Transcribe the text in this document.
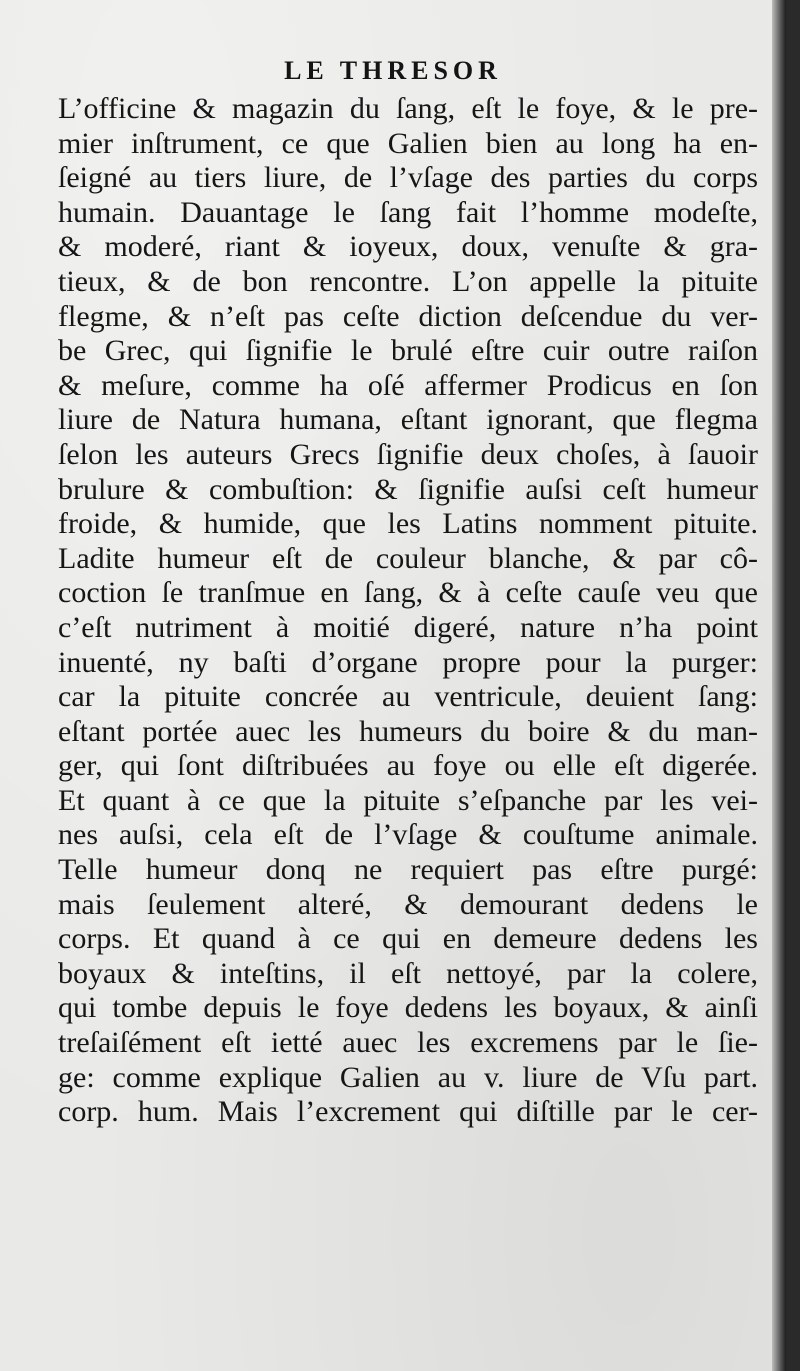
LE THRESOR
L’officine & magazin du ſang, eſt le foye, & le pre-
mier inſtrument, ce que Galien bien au long ha en-
ſeigné au tiers liure, de l’vſage des parties du corps
humain. Dauantage le ſang fait l’homme modeſte,
& moderé, riant & ioyeux, doux, venuſte & gra-
tieux, & de bon rencontre. L’on appelle la pituite
flegme, & n’eſt pas ceſte diction deſcendue du ver-
be Grec, qui ſignifie le brulé eſtre cuir outre raiſon
& meſure, comme ha oſé affermer Prodicus en ſon
liure de Natura humana, eſtant ignorant, que flegma
ſelon les auteurs Grecs ſignifie deux choſes, à ſauoir
brulure & combuſtion: & ſignifie auſsi ceſt humeur
froide, & humide, que les Latins nomment pituite.
Ladite humeur eſt de couleur blanche, & par cô-
coction ſe tranſmue en ſang, & à ceſte cauſe veu que
c’eſt nutriment à moitié digeré, nature n’ha point
inuenté, ny baſti d’organe propre pour la purger:
car la pituite concrée au ventricule, deuient ſang:
eſtant portée auec les humeurs du boire & du man-
ger, qui ſont diſtribuées au foye ou elle eſt digerée.
Et quant à ce que la pituite s’eſpanche par les vei-
nes auſsi, cela eſt de l’vſage & couſtume animale.
Telle humeur donq ne requiert pas eſtre purgé:
mais ſeulement alteré, & demourant dedens le
corps. Et quand à ce qui en demeure dedens les
boyaux & inteſtins, il eſt nettoyé, par la colere,
qui tombe depuis le foye dedens les boyaux, & ainſi
treſaiſément eſt ietté auec les excremens par le ſie-
ge: comme explique Galien au v. liure de Vſu part.
corp. hum. Mais l’excrement qui diſtille par le cer-
